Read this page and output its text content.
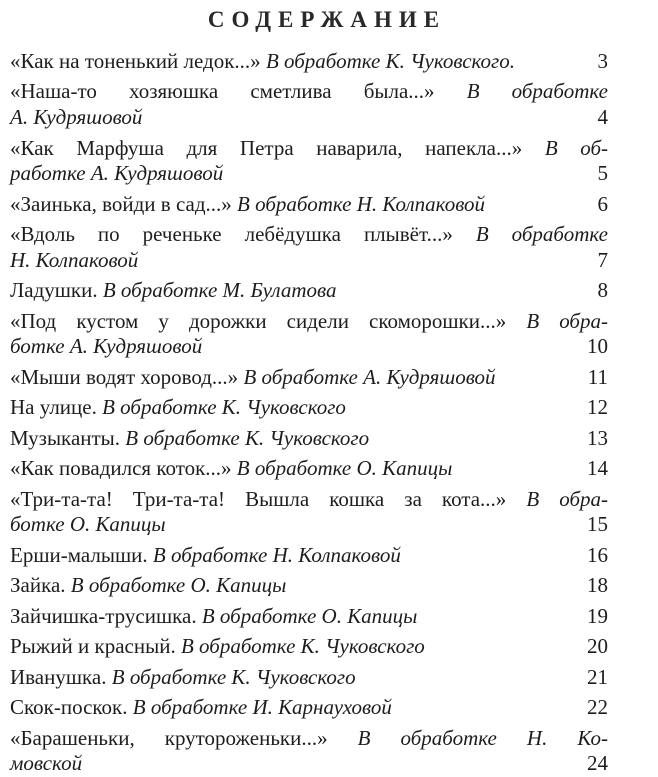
СОДЕРЖАНИЕ
«Как на тоненький ледок...» В обработке К. Чуковского.	3
«Наша-то хозяюшка сметлива была...» В обработке
А. Кудряшовой	4
«Как Марфуша для Петра наварила, напекла...» В об-
работке А. Кудряшовой	5
«Заинька, войди в сад...» В обработке Н. Колпаковой	6
«Вдоль по реченьке лебёдушка плывёт...» В обработке
Н. Колпаковой	7
Ладушки. В обработке М. Булатова	8
«Под кустом у дорожки сидели скоморошки...» В обра-
ботке А. Кудряшовой	10
«Мыши водят хоровод...» В обработке А. Кудряшовой	11
На улице. В обработке К. Чуковского	12
Музыканты. В обработке К. Чуковского	13
«Как повадился коток...» В обработке О. Капицы	14
«Три-та-та! Три-та-та! Вышла кошка за кота...» В обра-
ботке О. Капицы	15
Ерши-малыши. В обработке Н. Колпаковой	16
Зайка. В обработке О. Капицы	18
Зайчишка-трусишка. В обработке О. Капицы	19
Рыжий и красный. В обработке К. Чуковского	20
Иванушка. В обработке К. Чуковского	21
Скок-поскок. В обработке И. Карнауховой	22
«Барашеньки, крутороженьки...» В обработке Н. Ко-
мовской	24
